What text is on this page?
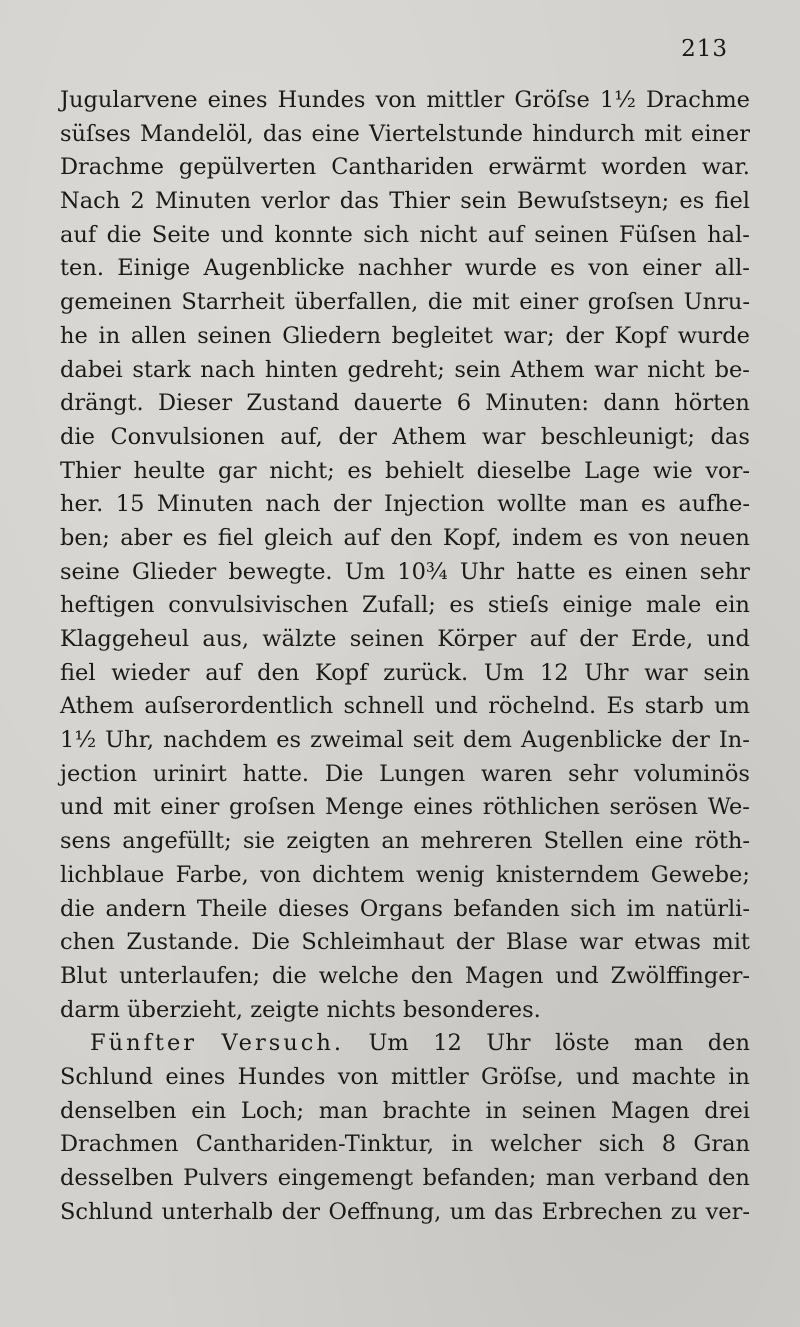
213
Jugularvene eines Hundes von mittler Gröſse 1½ Drachme
süſses Mandelöl, das eine Viertelstunde hindurch mit einer
Drachme gepülverten Canthariden erwärmt worden war.
Nach 2 Minuten verlor das Thier sein Bewuſstseyn; es fiel
auf die Seite und konnte sich nicht auf seinen Füſsen hal-
ten. Einige Augenblicke nachher wurde es von einer all-
gemeinen Starrheit überfallen, die mit einer groſsen Unru-
he in allen seinen Gliedern begleitet war; der Kopf wurde
dabei stark nach hinten gedreht; sein Athem war nicht be-
drängt. Dieser Zustand dauerte 6 Minuten: dann hörten
die Convulsionen auf, der Athem war beschleunigt; das
Thier heulte gar nicht; es behielt dieselbe Lage wie vor-
her. 15 Minuten nach der Injection wollte man es aufhe-
ben; aber es fiel gleich auf den Kopf, indem es von neuen
seine Glieder bewegte. Um 10¾ Uhr hatte es einen sehr
heftigen convulsivischen Zufall; es stieſs einige male ein
Klaggeheul aus, wälzte seinen Körper auf der Erde, und
fiel wieder auf den Kopf zurück. Um 12 Uhr war sein
Athem auſserordentlich schnell und röchelnd. Es starb um
1½ Uhr, nachdem es zweimal seit dem Augenblicke der In-
jection urinirt hatte. Die Lungen waren sehr voluminös
und mit einer groſsen Menge eines röthlichen serösen We-
sens angefüllt; sie zeigten an mehreren Stellen eine röth-
lichblaue Farbe, von dichtem wenig knisterndem Gewebe;
die andern Theile dieses Organs befanden sich im natürli-
chen Zustande. Die Schleimhaut der Blase war etwas mit
Blut unterlaufen; die welche den Magen und Zwölffinger-
darm überzieht, zeigte nichts besonderes.
Fünfter Versuch. Um 12 Uhr löste man den
Schlund eines Hundes von mittler Gröſse, und machte in
denselben ein Loch; man brachte in seinen Magen drei
Drachmen Canthariden-Tinktur, in welcher sich 8 Gran
desselben Pulvers eingemengt befanden; man verband den
Schlund unterhalb der Oeffnung, um das Erbrechen zu ver-
